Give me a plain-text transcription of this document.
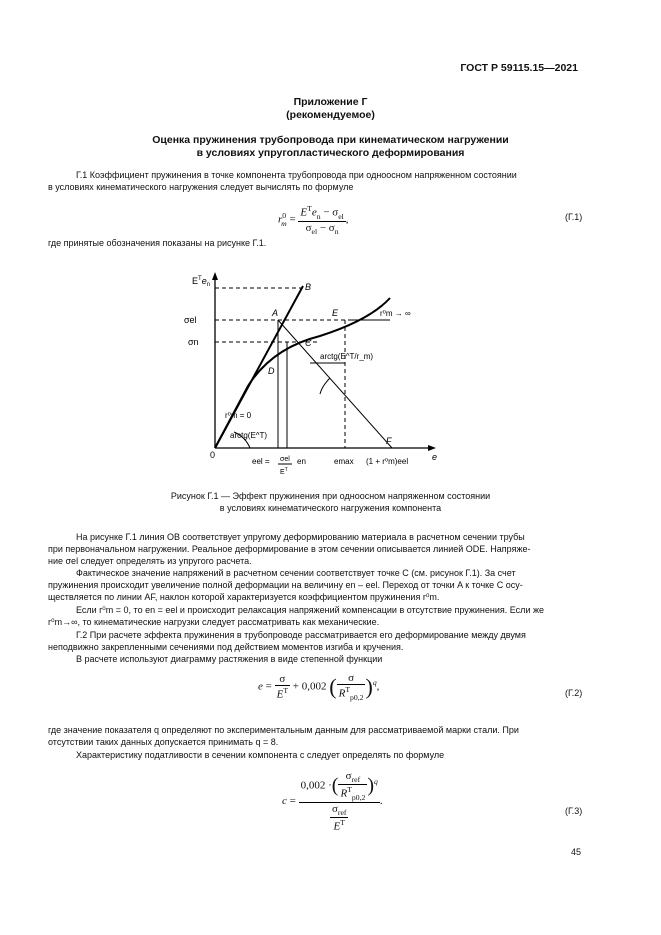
ГОСТ Р 59115.15—2021
Приложение Г
(рекомендуемое)
Оценка пружинения трубопровода при кинематическом нагружении
в условиях упругопластического деформирования
Г.1 Коэффициент пружинения в точке компонента трубопровода при одноосном напряженном состоянии
в условиях кинематического нагружения следует вычислять по формуле
$r^0_m = \frac{E^Te_n - \sigma_{el}}{\sigma_{el} - \sigma_n}$ ,	(Г.1)
где принятые обозначения показаны на рисунке Г.1.
$E^Te_n$	B
A	E
C
D
F
σel
σn
r⁰m → ∞
arctg(E^T/r_m)
r⁰m = 0
arctg(E^T)
0	e
eel = σel
$E^T$
en	emax (1 + r⁰m)eel
Рисунок Г.1 — Эффект пружинения при одноосном напряженном состоянии
в условиях кинематического нагружения компонента
На рисунке Г.1 линия OB соответствует упругому деформированию материала в расчетном сечении трубы
при первоначальном нагружении. Реальное деформирование в этом сечении описывается линией ODE. Напряже-
ние σel следует определять из упругого расчета.
Фактическое значение напряжений в расчетном сечении соответствует точке C (см. рисунок Г.1). За счет
пружинения происходит увеличение полной деформации на величину en – eel. Переход от точки A к точке C осу-
ществляется по линии AF, наклон которой характеризуется коэффициентом пружинения r⁰m.
Если r⁰m = 0, то en = eel и происходит релаксация напряжений компенсации в отсутствие пружинения. Если же
r⁰m→∞, то кинематические нагрузки следует рассматривать как механические.
Г.2 При расчете эффекта пружинения в трубопроводе рассматривается его деформирование между двумя
неподвижно закрепленными сечениями под действием моментов изгиба и кручения.
В расчете используют диаграмму растяжения в виде степенной функции
$e = \frac{\sigma}{E^T} + 0,002$ ( $\frac{\sigma}{R^T_{p0,2}} )^q$,
(Г.2)
где значение показателя q определяют по экспериментальным данным для рассматриваемой марки стали. При
отсутствии таких данных допускается принимать q = 8.
Характеристику податливости в сечении компонента с следует определять по формуле
$c = \frac{0,002 \cdot( \frac{\sigma_{ref}}{R^T_{p0,2}} )^q}{\frac{\sigma_{ref}}{E^T}}$ .
(Г.3)
45
